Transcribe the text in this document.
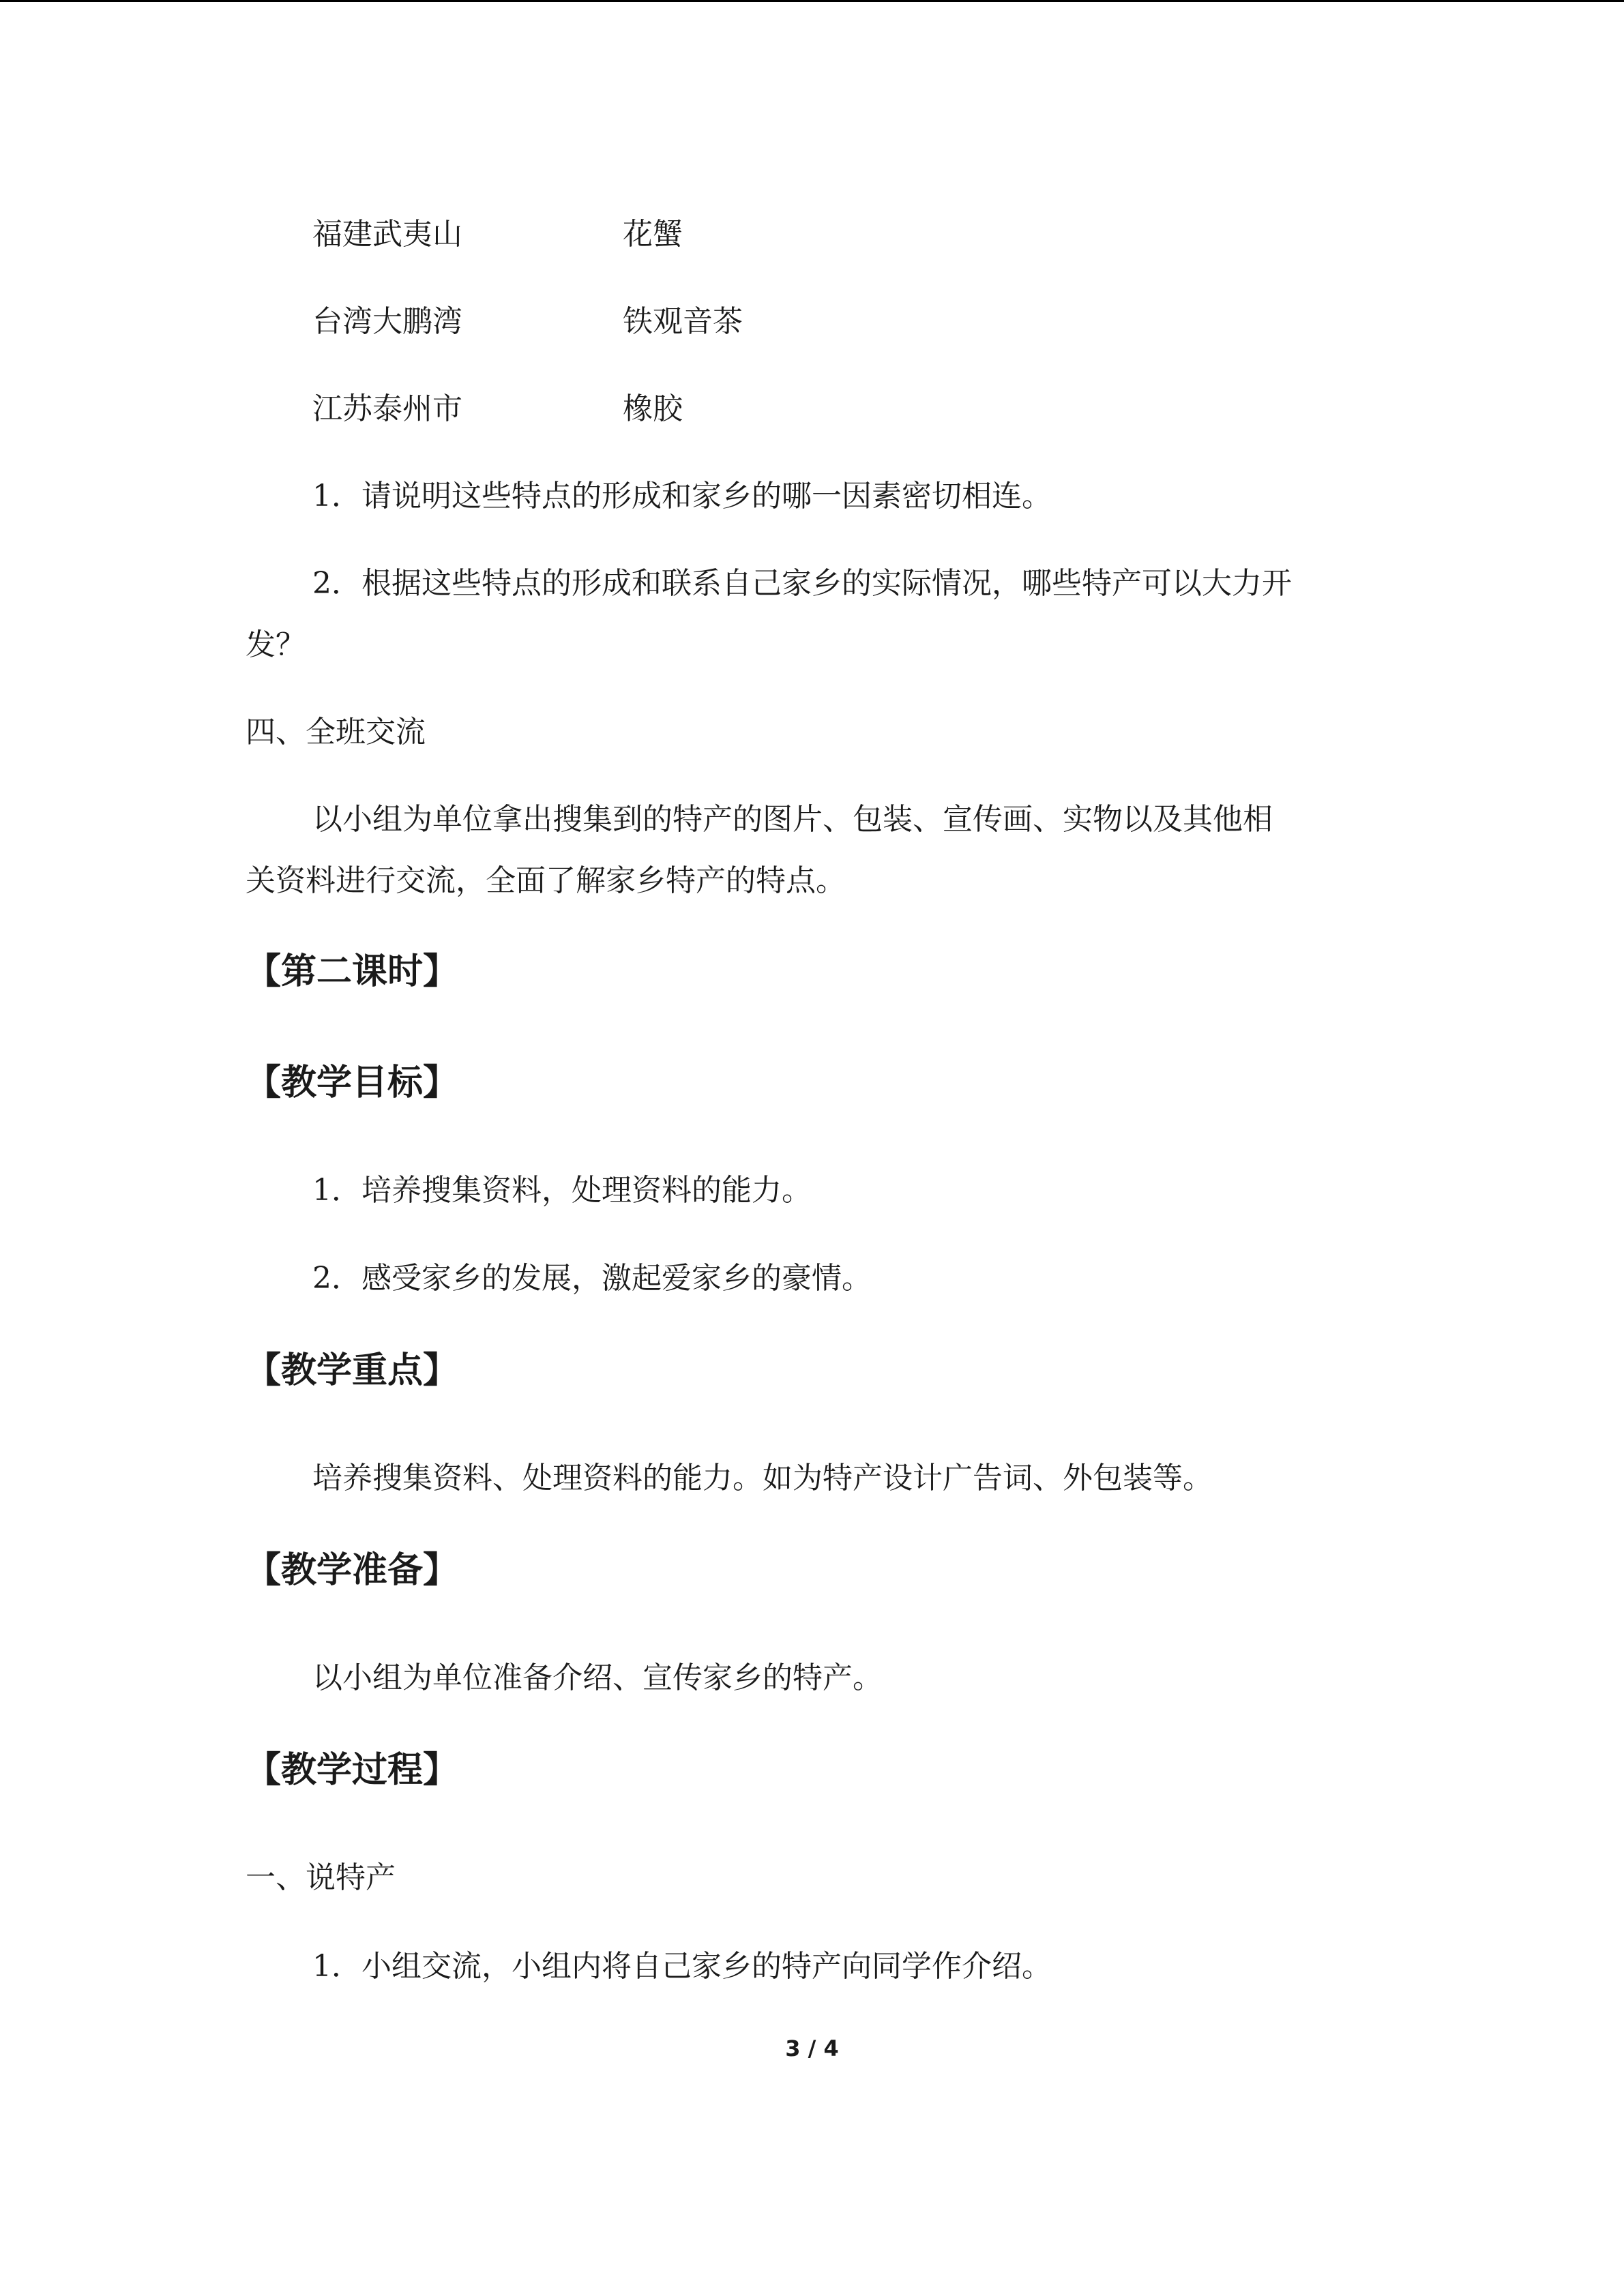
福建武夷山	花蟹
台湾大鹏湾	铁观音茶
江苏泰州市	橡胶
1．请说明这些特点的形成和家乡的哪一因素密切相连。
2．根据这些特点的形成和联系自己家乡的实际情况，哪些特产可以大力开
发？
四、全班交流
以小组为单位拿出搜集到的特产的图片、包装、宣传画、实物以及其他相
关资料进行交流，全面了解家乡特产的特点。
【第二课时】
【教学目标】
1．培养搜集资料，处理资料的能力。
2．感受家乡的发展，激起爱家乡的豪情。
【教学重点】
培养搜集资料、处理资料的能力。如为特产设计广告词、外包装等。
【教学准备】
以小组为单位准备介绍、宣传家乡的特产。
【教学过程】
一、说特产
1．小组交流，小组内将自己家乡的特产向同学作介绍。
3 / 4
